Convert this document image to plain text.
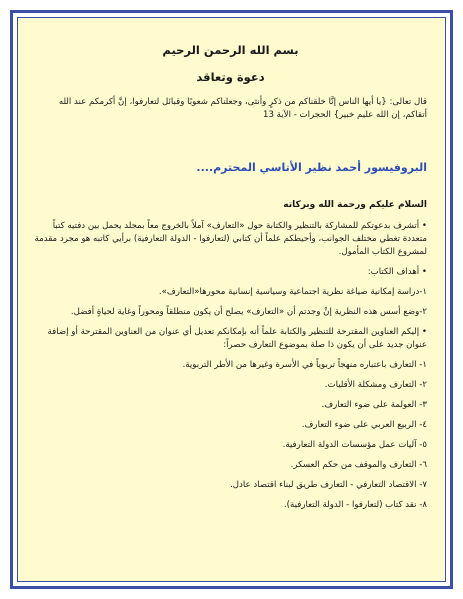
بسم الله الرحمن الرحيم
دعوة وتعاقد
قال تعالى: {يا أيها الناس إنَّا خلقناكم من ذكرٍ وأنثى، وجعلناكم شعوبًا وقبائل لتعارفوا، إنَّ أكرمكم عند الله أتقاكم، إن الله عليم خبير} الحجرات - الآية 13
البروفيسور أحمد نظير الأتاسي المحترم....
السلام عليكم ورحمة الله وبركاته

• أتشرف بدعوتكم للمشاركة بالتنظير والكتابة حول «التعارف» آملاً بالخروج معاً بمجلد يحمل بين دفتيه كتباً متعددة تغطي مختلف الجوانب، وأحيطكم علماً أن كتابي (لتعارفوا - الدولة التعارفية) برأيي كاتبه هو مجرد مقدمة لمشروع الكتاب المأمول.

• أهداف الكتاب:

١-دراسة إمكانية صياغة نظرية اجتماعية وسياسية إنسانية محورها«التعارف».

٢-وضع أسس هذه النظرية إنْ وجدتم أن «التعارف» يصلح أن يكون منطلقاً ومحوراً وغاية لحياةٍ أفضل.

• إليكم العناوين المقترحة للتنظير والكتابة علماً أنه بإمكانكم تعديل أي عنوان من العناوين المقترحة أو إضافة عنوان جديد على أن يكون ذا صلة بموضوع التعارف حصراً:

١- التعارف باعتباره منهجاً تربوياً في الأسرة وغيرها من الأطر التربوية.

٢- التعارف ومشكلة الأقليات.

٣- العولمة على ضوء التعارف.

٤- الربيع العربي على ضوء التعارف.

٥- آليات عمل مؤسسات الدولة التعارفية.

٦- التعارف والموقف من حكم العسكر.

٧- الاقتصاد التعارفي - التعارف طريق لبناء اقتصاد عادل.

٨- نقد كتاب (لتعارفوا - الدولة التعارفية).
